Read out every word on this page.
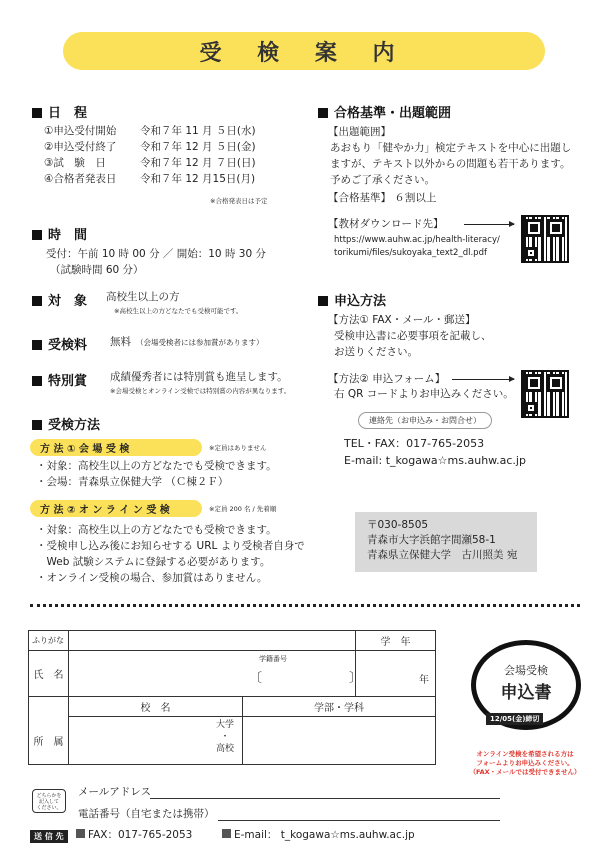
受 検 案 内
日　程
①申込受付開始 令和７年 11 月 ５日(水)
②申込受付終了 令和７年 12 月 ５日(金)
③試　験　日	令和７年 12 月 ７日(日)
④合格者発表日 令和７年 12 月15日(月)
※合格発表日は予定
時　間
受付：午前 10 時 00 分 ／ 開始：10 時 30 分
（試験時間 60 分）
対　象 高校生以上の方
※高校生以上の方どなたでも受検可能です。
受検料 無料 （会場受検者には参加賞があります）
特別賞 成績優秀者には特別賞も進呈します。
※会場受検とオンライン受検では特別賞の内容が異なります。
受検方法
方 法 ① 会 場 受 検	※定員はありません
・対象：高校生以上の方どなたでも受検できます。
・会場：青森県立保健大学 （Ｃ棟２Ｆ）
方 法 ② オ ン ラ イ ン 受 検	※定員 200 名 / 先着順
・対象：高校生以上の方どなたでも受検できます。
・受検申し込み後にお知らせする URL より受検者自身で
　Web 試験システムに登録する必要があります。
・オンライン受検の場合、参加賞はありません。
合格基準・出題範囲
【出題範囲】
あおもり「健やか力」検定テキストを中心に出題し
ますが、テキスト以外からの問題も若干あります。
予めご了承ください。
【合格基準】 ６割以上
【教材ダウンロード先】
https://www.auhw.ac.jp/health-literacy/
torikumi/files/sukoyaka_text2_dl.pdf
申込方法
【方法① FAX・メール・郵送】
受検申込書に必要事項を記載し、
お送りください。
【方法② 申込フォーム】
右 QR コードよりお申込みください。
連絡先（お申込み・お問合せ）
TEL・FAX：017-765-2053
E-mail: t_kogawa☆ms.auhw.ac.jp
〒030-8505
青森市大字浜館字間瀬58-1
青森県立保健大学　古川照美 宛
ふりがな			学　年
氏　名	学籍番号
〔 〕		年

	校　名	学部・学科	
所　属	大学
・
高校		

どちらかを
記入して
ください。
メールアドレス
電話番号（自宅または携帯）
送 信 先	FAX：017-765-2053	E-mail： t_kogawa☆ms.auhw.ac.jp
会場受検
申込書
12/05(金)締切
オンライン受検を希望される方は
フォームよりお申込みください。
（FAX・メールでは受付できません）
